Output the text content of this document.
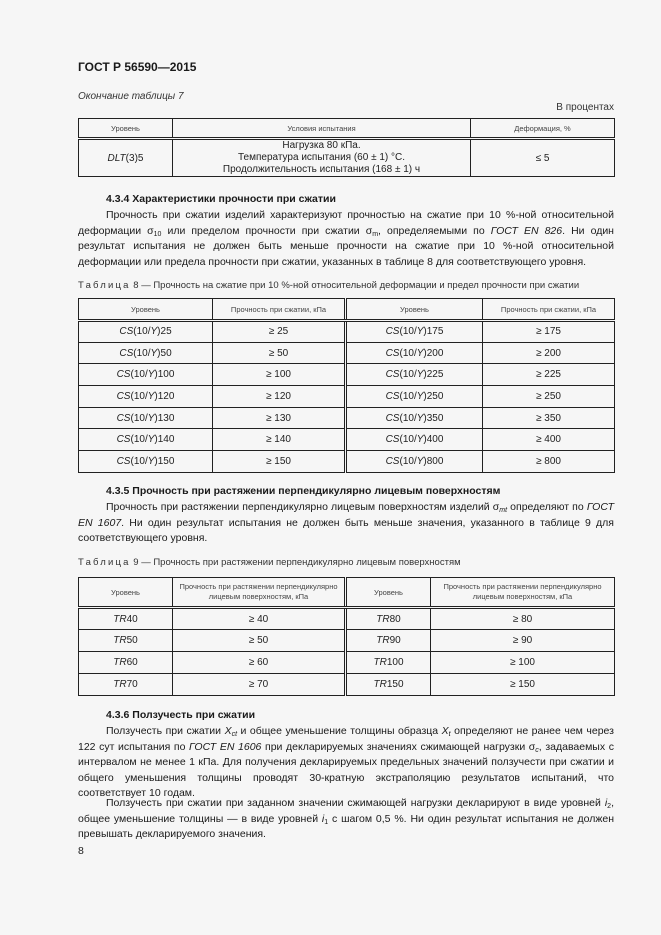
ГОСТ Р 56590—2015
Окончание таблицы 7
В процентах
Уровень	Условия испытания	Деформация, %
DLT(3)5	Нагрузка 80 кПа.
Температура испытания (60 ± 1) °С.
Продолжительность испытания (168 ± 1) ч	≤ 5
4.3.4 Характеристики прочности при сжатии
Прочность при сжатии изделий характеризуют прочностью на сжатие при 10 %-ной относительной деформации $\sigma_{10}$ или пределом прочности при сжатии $\sigma_m$, определяемыми по ГОСТ EN 826. Ни один результат испытания не должен быть меньше прочности на сжатие при 10 %-ной относительной деформации или предела прочности при сжатии, указанных в таблице 8 для соответствующего уровня.
Таблица 8 — Прочность на сжатие при 10 %-ной относительной деформации и предел прочности при сжатии
Уровень	Прочность при сжатии, кПа	Уровень	Прочность при сжатии, кПа
CS(10/Y)25	≥ 25	CS(10/Y)175	≥ 175
CS(10/Y)50	≥ 50	CS(10/Y)200	≥ 200
CS(10/Y)100	≥ 100	CS(10/Y)225	≥ 225
CS(10/Y)120	≥ 120	CS(10/Y)250	≥ 250
CS(10/Y)130	≥ 130	CS(10/Y)350	≥ 350
CS(10/Y)140	≥ 140	CS(10/Y)400	≥ 400
CS(10/Y)150	≥ 150	CS(10/Y)800	≥ 800
4.3.5 Прочность при растяжении перпендикулярно лицевым поверхностям
Прочность при растяжении перпендикулярно лицевым поверхностям изделий $\sigma_{mt}$ определяют по ГОСТ EN 1607. Ни один результат испытания не должен быть меньше значения, указанного в таблице 9 для соответствующего уровня.
Таблица 9 — Прочность при растяжении перпендикулярно лицевым поверхностям
Уровень	Прочность при растяжении перпендикулярно лицевым поверхностям, кПа	Уровень	Прочность при растяжении перпендикулярно лицевым поверхностям, кПа
TR40	≥ 40	TR80	≥ 80
TR50	≥ 50	TR90	≥ 90
TR60	≥ 60	TR100	≥ 100
TR70	≥ 70	TR150	≥ 150
4.3.6 Ползучесть при сжатии
Ползучесть при сжатии $X_{ct}$ и общее уменьшение толщины образца $X_t$ определяют не ранее чем через 122 сут испытания по ГОСТ EN 1606 при декларируемых значениях сжимающей нагрузки $\sigma_c$, задаваемых с интервалом не менее 1 кПа. Для получения декларируемых предельных значений ползучести при сжатии и общего уменьшения толщины проводят 30-кратную экстраполяцию результатов испытаний, что соответствует 10 годам.
Ползучесть при сжатии при заданном значении сжимающей нагрузки декларируют в виде уровней $i_2$, общее уменьшение толщины — в виде уровней $i_1$ с шагом 0,5 %. Ни один результат испытания не должен превышать декларируемого значения.
8
